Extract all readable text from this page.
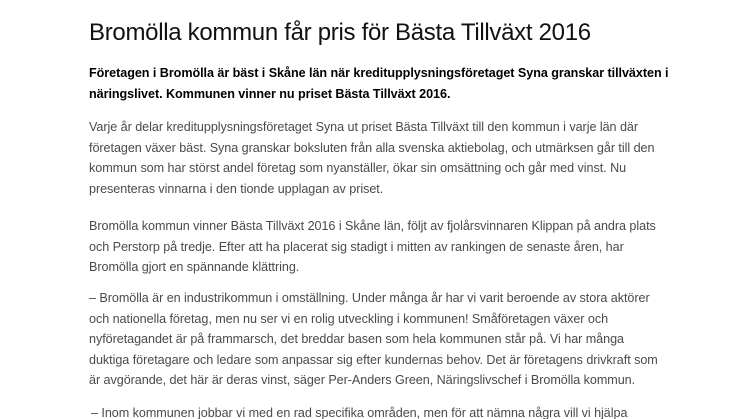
Bromölla kommun får pris för Bästa Tillväxt 2016

Företagen i Bromölla är bäst i Skåne län när kreditupplysningsföretaget Syna granskar tillväxten i
näringslivet. Kommunen vinner nu priset Bästa Tillväxt 2016.

Varje år delar kreditupplysningsföretaget Syna ut priset Bästa Tillväxt till den kommun i varje län där
företagen växer bäst. Syna granskar boksluten från alla svenska aktiebolag, och utmärksen går till den
kommun som har störst andel företag som nyanställer, ökar sin omsättning och går med vinst. Nu
presenteras vinnarna i den tionde upplagan av priset.

Bromölla kommun vinner Bästa Tillväxt 2016 i Skåne län, följt av fjolårsvinnaren Klippan på andra plats
och Perstorp på tredje. Efter att ha placerat sig stadigt i mitten av rankingen de senaste åren, har
Bromölla gjort en spännande klättring.

– Bromölla är en industrikommun i omställning. Under många år har vi varit beroende av stora aktörer
och nationella företag, men nu ser vi en rolig utveckling i kommunen! Småföretagen växer och
nyföretagandet är på frammarsch, det breddar basen som hela kommunen står på. Vi har många
duktiga företagare och ledare som anpassar sig efter kundernas behov. Det är företagens drivkraft som
är avgörande, det här är deras vinst, säger Per-Anders Green, Näringslivschef i Bromölla kommun.

– Inom kommunen jobbar vi med en rad specifika områden, men för att nämna några vill vi hjälpa
